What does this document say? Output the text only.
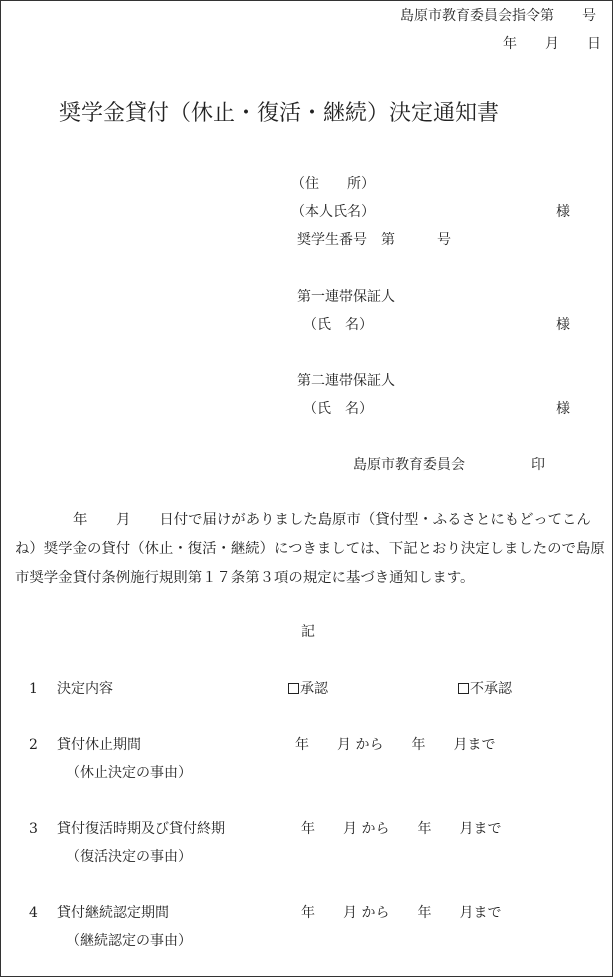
島原市教育委員会指令第　　号
年　　月　　日
奨学金貸付（休止・復活・継続）決定通知書
（住　　所）
（本人氏名）	様
奨学生番号　第　　　号
第一連帯保証人
（氏　名）	様
第二連帯保証人
（氏　名）	様
島原市教育委員会	印
年　　月　　日付で届けがありました島原市（貸付型・ふるさとにもどってこんね）奨学金の貸付（休止・復活・継続）につきましては、下記とおり決定しましたので島原市奨学金貸付条例施行規則第１７条第３項の規定に基づき通知します。
記
1 決定内容	承認	不承認
2 貸付休止期間	年　　月 から　　年　　月まで
（休止決定の事由）
3 貸付復活時期及び貸付終期	年　　月 から　　年　　月まで
（復活決定の事由）
4 貸付継続認定期間	年　　月 から　　年　　月まで
（継続認定の事由）
